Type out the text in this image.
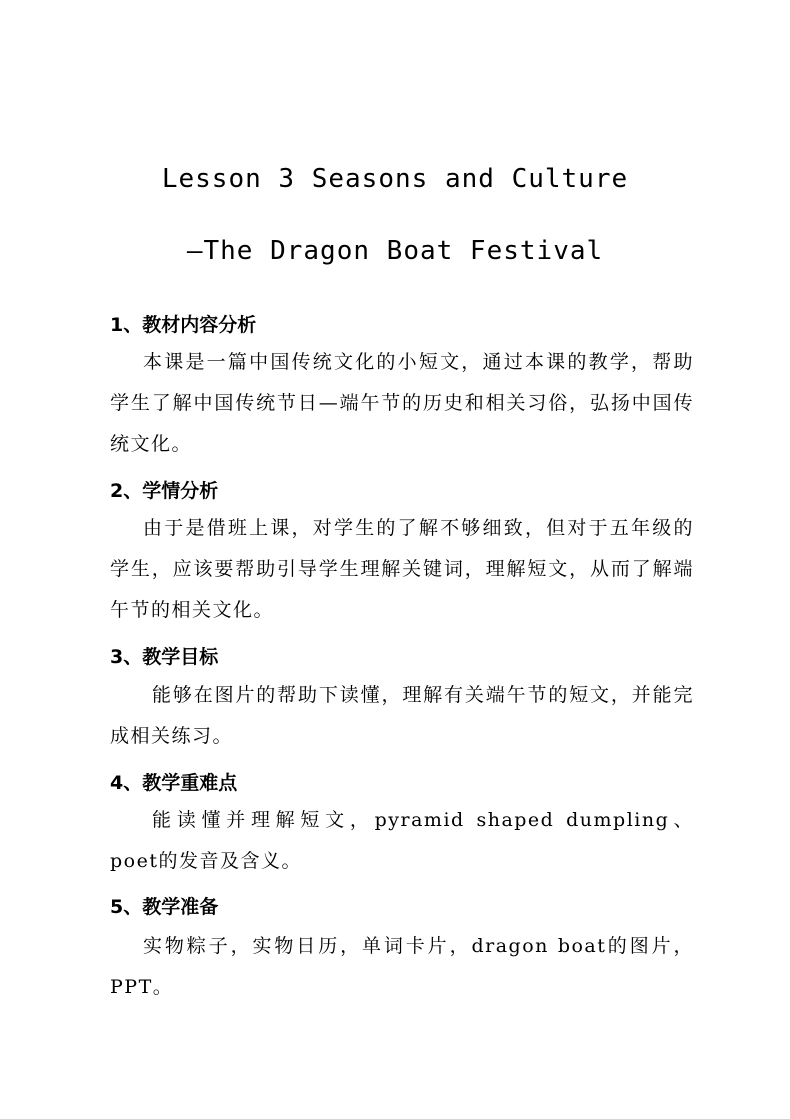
Lesson 3 Seasons and Culture
—The Dragon Boat Festival
1、教材内容分析
本课是一篇中国传统文化的小短文，通过本课的教学，帮助学生了解中国传统节日—端午节的历史和相关习俗，弘扬中国传统文化。
2、学情分析
由于是借班上课，对学生的了解不够细致，但对于五年级的学生，应该要帮助引导学生理解关键词，理解短文，从而了解端午节的相关文化。
3、教学目标
能够在图片的帮助下读懂，理解有关端午节的短文，并能完成相关练习。
4、教学重难点
能读懂并理解短文，pyramid shaped dumpling、 poet的发音及含义。
5、教学准备
实物粽子，实物日历，单词卡片，dragon boat的图片，PPT。
